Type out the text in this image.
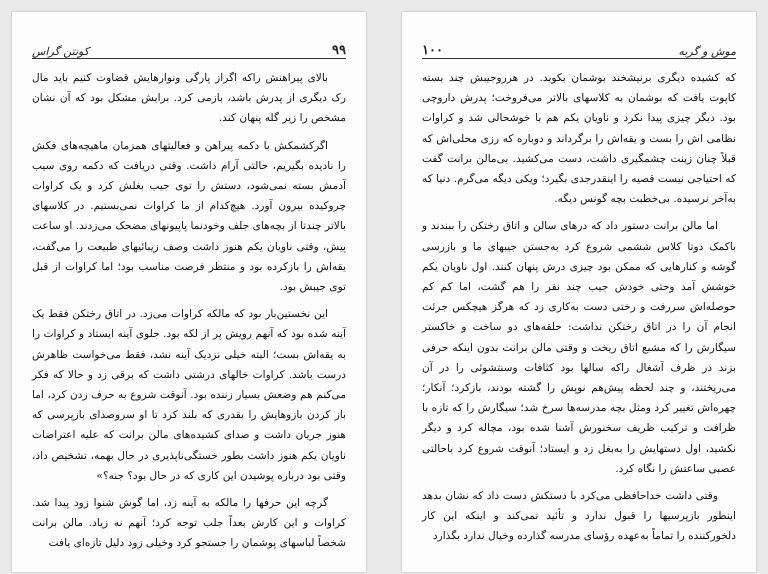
کونتن گراس	۹۹

بالای پیراهنش راکه اگراز پارگی ونوارهایش قضاوت کنیم باید مال رک دیگری از پدرش باشد، بازمی کرد. برایش مشکل بود که آن نشان مشخص را زیر گله پنهان کند.

اگرکشمکش با دکمه پیراهن و فعالیتهای همزمان ماهیچه‌های فکش را نادیده بگیریم، حالتی آرام داشت. وقتی دریافت که دکمه روی سیب آدمش بسته نمی‌شود، دستش را توی جیب بغلش کرد و یک کراوات چروکیده بیرون آورد. هیچ‌کدام از ما کراوات نمی‌بستیم. در کلاسهای بالاتر چندتا از بچه‌های جلف وخودنما پاپیونهای مضحک می‌زدند. او ساعت پیش، وقتی ناویان یکم هنوز داشت وصف زیبائیهای طبیعت را می‌گفت، یقه‌اش را بازکرده بود و منتظر فرصت مناسب بود؛ اما کراوات از قبل توی جیبش بود.

این نخستین‌بار بود که مالکه کراوات می‌زد. در اتاق رختکن فقط یک آینه شده بود که آنهم رویش پر از لکه بود. جلوی آینه ایستاد و کراوات را به یقه‌اش بست؛ البته خیلی نزدیک آینه نشد، فقط می‌خواست ظاهرش درست باشد. کراوات خالهای درشتی داشت که برقی زد و حالا که فکر می‌کنم هم وضعش بسیار زننده بود. آنوقت شروع به حرف زدن کرد، اما باز کردن بازوهایش را بقدری که بلند کرد تا او سروصدای بازپرسی که هنوز جریان داشت و صدای کشیده‌های مالن برانت که علیه اعتراضات ناویان یکم هنوز داشت بطور خستگی‌ناپذیری در حال بهمه، تشخیص داد، وقتی بود درباره پوشیدن این کاری که در حال بود؟ جنه؟»

گرچه این حرفها را مالکه به آینه زد، اما گوش شنوا زود پیدا شد. کراوات و این کارش بعداً جلب توجه کرد؛ آنهم نه زیاد. مالن برانت شخصاً لباسهای پوشمان را جستجو کرد وخیلی زود دلیل تازه‌ای یافت

۱۰۰	موش و گربه

که کشیده دیگری برنیشخند بوشمان بکوبد. در هرروجیبش چند بسته کاپوت یافت که بوشمان به کلاسهای بالاتر می‌فروخت؛ پدرش داروچی بود. دیگر چیزی پیدا نکرد و ناویان یکم هم با خوشحالی شد و کراوات نظامی اش را بست و یقه‌اش را برگرداند و دوباره که رزی محلی‌اش که قبلاً چنان زینت چشمگیری داشت، دست می‌کشید. بی‌مالن برانت گفت که احتیاجی نیست قصیه را اینقدرجدی بگیرد؛ ویکی دیگه می‌گرم. دنیا که به‌آخر نرسیده. بی‌خطبت بچه گونس دیگه.

اما مالن برانت دستور داد که درهای سالن و اتاق رختکن را ببندند و باکمک دوتا کلاس ششمی شروع کرد به‌جستن جیبهای ما و بازرسی گوشه و کنارهایی که ممکن بود چیزی درش پنهان کنند. اول ناویان یکم خوشش آمد وحتی خودش جیب چند نفر را هم گشت، اما کم کم حوصله‌اش سررفت و رختی دست به‌کاری زد که هرگز هیچکس جرئت انجام آن را در اتاق رختکن نداشت: حلقه‌های دو ساخت و خاکستر سیگارش را که مشبع اتاق ریخت و وقتی مالن برانت بدون اینکه حرفی بزند در ظرف آشغال راکه سالها بود کثافات وسنتشوئی را در آن می‌ریختند، و چند لحظه پیش‌هم نوپش را گشته بودند، بازکرد؛ آنکار؛ چهره‌اش تغییر کرد ومثل بچه مدرسه‌ها سرخ شد؛ سیگارش را که تازه با ظرافت و ترکیب ظریف سخنورش آشنا شده بود، مچاله کرد و دیگر نکشید، اول دستهایش را به‌بغل زد و ایستاد؛ آنوقت شروع کرد باحالتی عصبی ساعتش را نگاه کرد.

وقتی داشت خداحافظی می‌کرد با دستکش دست داد که نشان بدهد اینطور بازپرسیها را قبول ندارد و تأئید نمی‌کند و اینکه این کار دلخورکننده را تماماً به‌عهده رؤسای مدرسه گذارده وخیال ندارد بگذارد
